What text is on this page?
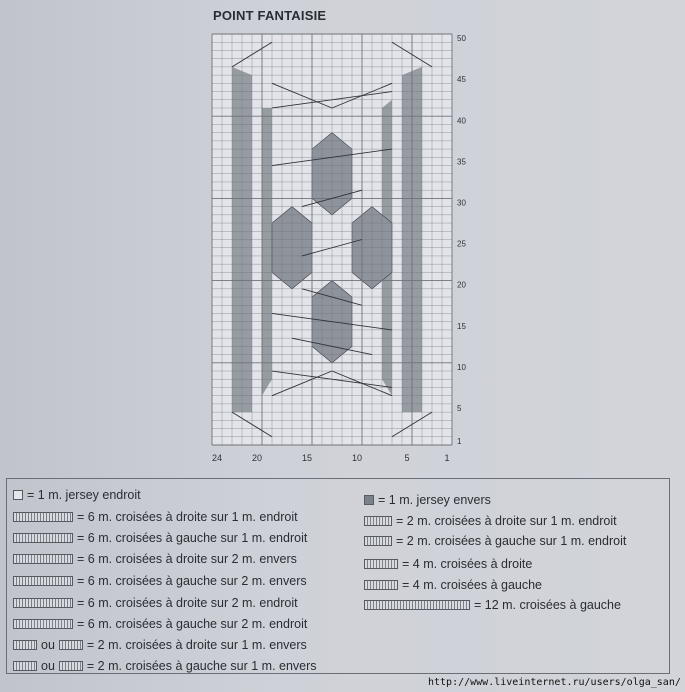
POINT FANTAISIE
50
45
40
35
30
25
20
15
10
5
1
24	20	15	10	5	1
= 1 m. jersey endroit
= 6 m. croisées à droite sur 1 m. endroit
= 6 m. croisées à gauche sur 1 m. endroit
= 6 m. croisées à droite sur 2 m. envers
= 6 m. croisées à gauche sur 2 m. envers
= 6 m. croisées à droite sur 2 m. endroit
= 6 m. croisées à gauche sur 2 m. endroit
ou	= 2 m. croisées à droite sur 1 m. envers
ou	= 2 m. croisées à gauche sur 1 m. envers
= 1 m. jersey envers
= 2 m. croisées à droite sur 1 m. endroit
= 2 m. croisées à gauche sur 1 m. endroit
= 4 m. croisées à droite
= 4 m. croisées à gauche
= 12 m. croisées à gauche
http://www.liveinternet.ru/users/olga_san/
